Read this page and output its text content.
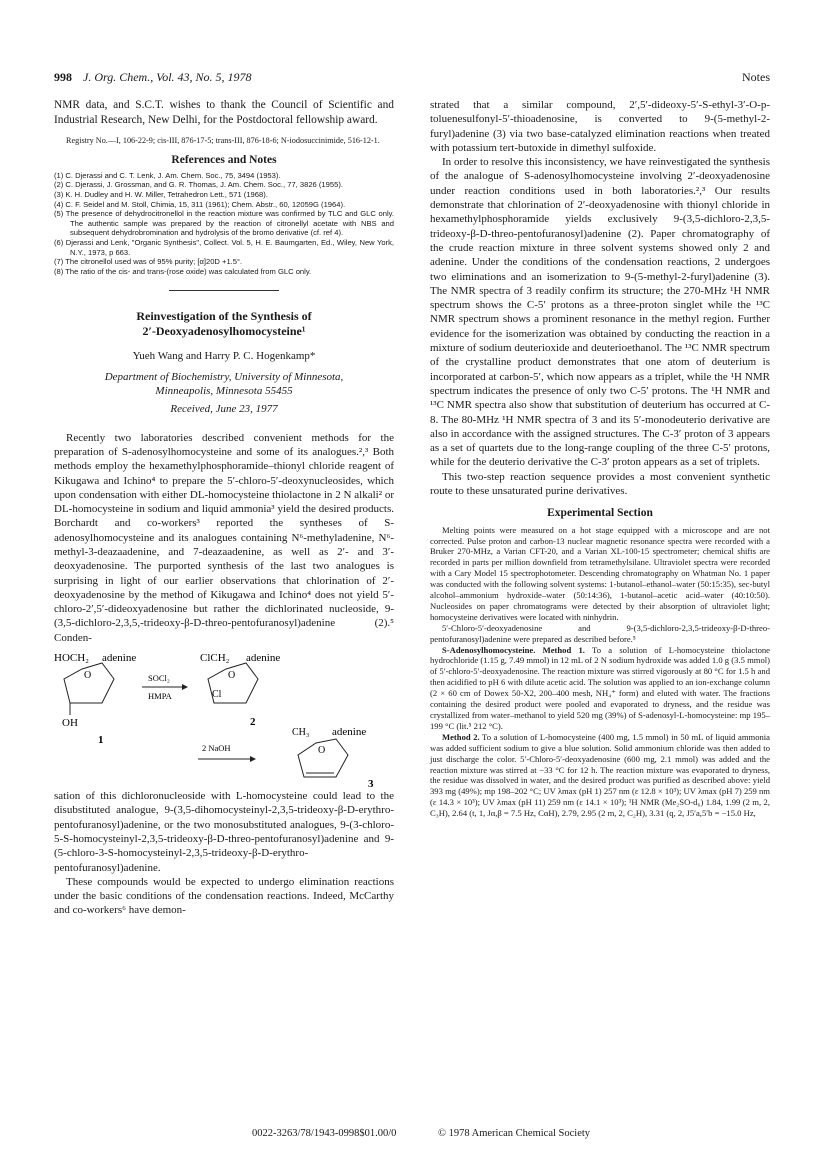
998 J. Org. Chem., Vol. 43, No. 5, 1978	Notes

NMR data, and S.C.T. wishes to thank the Council of Scientific and Industrial Research, New Delhi, for the Postdoctoral fellowship award.

Registry No.—I, 106-22-9; cis-III, 876-17-5; trans-III, 876-18-6; N-iodosuccinimide, 516-12-1.

References and Notes

(1) C. Djerassi and C. T. Lenk, J. Am. Chem. Soc., 75, 3494 (1953).

(2) C. Djerassi, J. Grossman, and G. R. Thomas, J. Am. Chem. Soc., 77, 3826 (1955).

(3) K. H. Dudley and H. W. Miller, Tetrahedron Lett., 571 (1968).

(4) C. F. Seidel and M. Stoll, Chimia, 15, 311 (1961); Chem. Abstr., 60, 12059G (1964).

(5) The presence of dehydrocitronellol in the reaction mixture was confirmed by TLC and GLC only. The authentic sample was prepared by the reaction of citronellyl acetate with NBS and subsequent dehydrobromination and hydrolysis of the bromo derivative (cf. ref 4).

(6) Djerassi and Lenk, "Organic Synthesis", Collect. Vol. 5, H. E. Baumgarten, Ed., Wiley, New York, N.Y., 1973, p 663.

(7) The citronellol used was of 95% purity; [α]20D +1.5°.

(8) The ratio of the cis- and trans-(rose oxide) was calculated from GLC only.

Reinvestigation of the Synthesis of

2′-Deoxyadenosylhomocysteine¹

Yueh Wang and Harry P. C. Hogenkamp*

Department of Biochemistry, University of Minnesota,

Minneapolis, Minnesota 55455

Received, June 23, 1977

Recently two laboratories described convenient methods for the preparation of S-adenosylhomocysteine and some of its analogues.²,³ Both methods employ the hexamethylphosphoramide–thionyl chloride reagent of Kikugawa and Ichino⁴ to prepare the 5′-chloro-5′-deoxynucleosides, which upon condensation with either DL-homocysteine thiolactone in 2 N alkali² or DL-homocysteine in sodium and liquid ammonia³ yield the desired products. Borchardt and co-workers³ reported the syntheses of S-adenosylhomocysteine and its analogues containing N⁶-methyladenine, N⁶-methyl-3-deazaadenine, and 7-deazaadenine, as well as 2′- and 3′-deoxyadenosine. The purported synthesis of the last two analogues is surprising in light of our earlier observations that chlorination of 2′-deoxyadenosine by the method of Kikugawa and Ichino⁴ does not yield 5′-chloro-2′,5′-dideoxyadenosine but rather the dichlorinated nucleoside, 9-(3,5-dichloro-2,3,5,-trideoxy-β-D-threo-pentofuranosyl)adenine (2).⁵ Conden-

HOCH₂ adenine
O
OH
1
SOCl₂
HMPA
ClCH₂ adenine
O
Cl
2
2 NaOH
CH₃ adenine
O
3

sation of this dichloronucleoside with L-homocysteine could lead to the disubstituted analogue, 9-(3,5-dihomocysteinyl-2,3,5-trideoxy-β-D-erythro-pentofuranosyl)adenine, or the two monosubstituted analogues, 9-(3-chloro-5-S-homocysteinyl-2,3,5-trideoxy-β-D-threo-pentofuranosyl)adenine and 9-(5-chloro-3-S-homocysteinyl-2,3,5-trideoxy-β-D-erythro-pentofuranosyl)adenine.

These compounds would be expected to undergo elimination reactions under the basic conditions of the condensation reactions. Indeed, McCarthy and co-workers⁶ have demon-

strated that a similar compound, 2′,5′-dideoxy-5′-S-ethyl-3′-O-p-toluenesulfonyl-5′-thioadenosine, is converted to 9-(5-methyl-2-furyl)adenine (3) via two base-catalyzed elimination reactions when treated with potassium tert-butoxide in dimethyl sulfoxide.

In order to resolve this inconsistency, we have reinvestigated the synthesis of the analogue of S-adenosylhomocysteine involving 2′-deoxyadenosine under reaction conditions used in both laboratories.²,³ Our results demonstrate that chlorination of 2′-deoxyadenosine with thionyl chloride in hexamethylphosphoramide yields exclusively 9-(3,5-dichloro-2,3,5-trideoxy-β-D-threo-pentofuranosyl)adenine (2). Paper chromatography of the crude reaction mixture in three solvent systems showed only 2 and adenine. Under the conditions of the condensation reactions, 2 undergoes two eliminations and an isomerization to 9-(5-methyl-2-furyl)adenine (3). The NMR spectra of 3 readily confirm its structure; the 270-MHz ¹H NMR spectrum shows the C-5′ protons as a three-proton singlet while the ¹³C NMR spectrum shows a prominent resonance in the methyl region. Further evidence for the isomerization was obtained by conducting the reaction in a mixture of sodium deuterioxide and deuterioethanol. The ¹³C NMR spectrum of the crystalline product demonstrates that one atom of deuterium is incorporated at carbon-5′, which now appears as a triplet, while the ¹H NMR spectrum indicates the presence of only two C-5′ protons. The ¹H NMR and ¹³C NMR spectra also show that substitution of deuterium has occurred at C-8. The 80-MHz ¹H NMR spectra of 3 and its 5′-monodeuterio derivative are also in accordance with the assigned structures. The C-3′ proton of 3 appears as a set of quartets due to the long-range coupling of the three C-5′ protons, while for the deuterio derivative the C-3′ proton appears as a set of triplets.

This two-step reaction sequence provides a most convenient synthetic route to these unsaturated purine derivatives.

Experimental Section

Melting points were measured on a hot stage equipped with a microscope and are not corrected. Pulse proton and carbon-13 nuclear magnetic resonance spectra were recorded with a Bruker 270-MHz, a Varian CFT-20, and a Varian XL-100-15 spectrometer; chemical shifts are recorded in parts per million downfield from tetramethylsilane. Ultraviolet spectra were recorded with a Cary Model 15 spectrophotometer. Descending chromatography on Whatman No. 1 paper was conducted with the following solvent systems: 1-butanol–ethanol–water (50:15:35), sec-butyl alcohol–ammonium hydroxide–water (50:14:36), 1-butanol–acetic acid–water (40:10:50). Nucleosides on paper chromatograms were detected by their absorption of ultraviolet light; homocysteine derivatives were located with ninhydrin.

5′-Chloro-5′-deoxyadenosine and 9-(3,5-dichloro-2,3,5-trideoxy-β-D-threo-pentofuranosyl)adenine were prepared as described before.⁵

S-Adenosylhomocysteine. Method 1. To a solution of L-homocysteine thiolactone hydrochloride (1.15 g, 7.49 mmol) in 12 mL of 2 N sodium hydroxide was added 1.0 g (3.5 mmol) of 5′-chloro-5′-deoxyadenosine. The reaction mixture was stirred vigorously at 80 °C for 1.5 h and then acidified to pH 6 with dilute acetic acid. The solution was applied to an ion-exchange column (2 × 60 cm of Dowex 50-X2, 200–400 mesh, NH₄⁺ form) and eluted with water. The fractions containing the desired product were pooled and evaporated to dryness, and the residue was crystallized from water–methanol to yield 520 mg (39%) of S-adenosyl-L-homocysteine: mp 195–199 °C (lit.⁵ 212 °C).

Method 2. To a solution of L-homocysteine (400 mg, 1.5 mmol) in 50 mL of liquid ammonia was added sufficient sodium to give a blue solution. Solid ammonium chloride was then added to just discharge the color. 5′-Chloro-5′-deoxyadenosine (600 mg, 2.1 mmol) was added and the reaction mixture was stirred at −33 °C for 12 h. The reaction mixture was evaporated to dryness, the residue was dissolved in water, and the desired product was purified as described above: yield 393 mg (49%); mp 198–202 °C; UV λmax (pH 1) 257 nm (ε 12.8 × 10³); UV λmax (pH 7) 259 nm (ε 14.3 × 10³); UV λmax (pH 11) 259 nm (ε 14.1 × 10³); ¹H NMR (Me₂SO-d₆) 1.84, 1.99 (2 m, 2, C₃H), 2.64 (t, 1, Jα,β = 7.5 Hz, CαH), 2.79, 2.95 (2 m, 2, C₂H), 3.31 (q, 2, J5′a,5′b = −15.0 Hz,

0022-3263/78/1943-0998$01.00/0	© 1978 American Chemical Society
